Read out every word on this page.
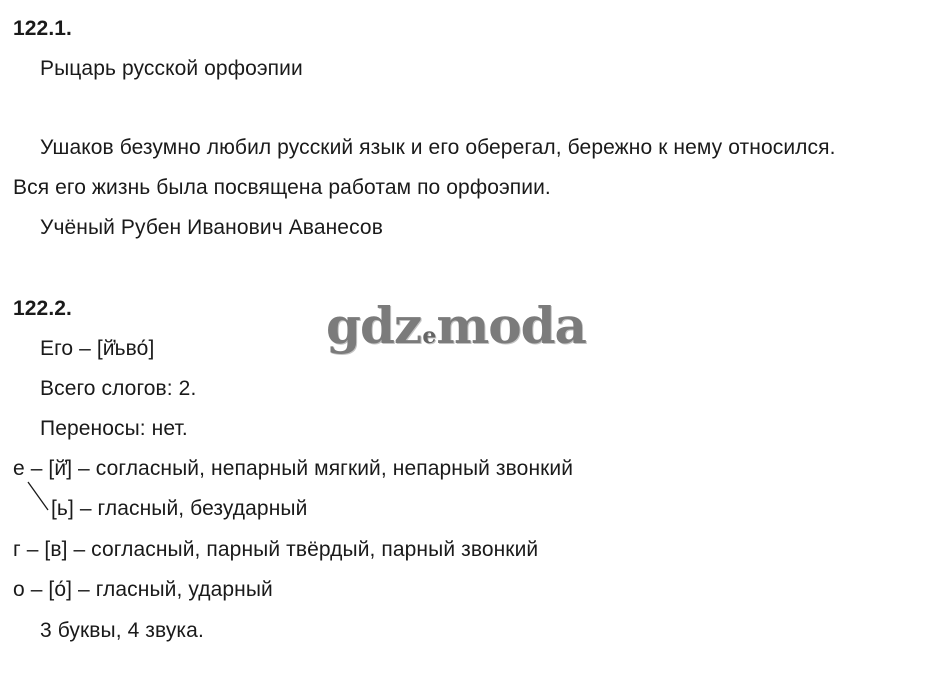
122.1.
Рыцарь русской орфоэпии
Ушаков безумно любил русский язык и его оберегал, бережно к нему относился.
Вся его жизнь была посвящена работам по орфоэпии.
Учёный Рубен Иванович Аванесов
122.2.	gdzemoda
Его – [й̓ьво́]
Всего слогов: 2.
Переносы: нет.
е – [й̓] – согласный, непарный мягкий, непарный звонкий
[ь] – гласный, безударный
г – [в] – согласный, парный твёрдый, парный звонкий
о – [о́] – гласный, ударный
3 буквы, 4 звука.
